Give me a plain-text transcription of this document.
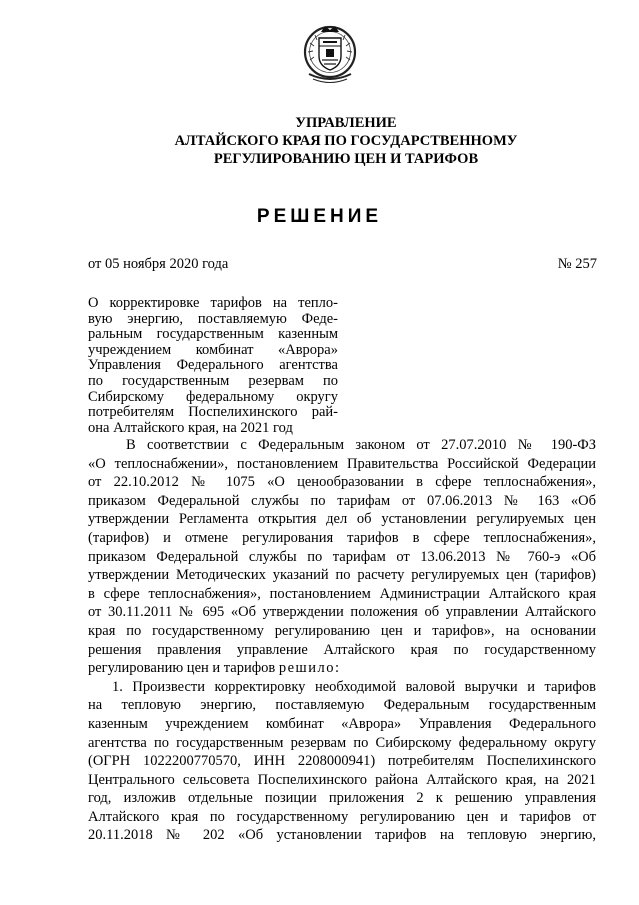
УПРАВЛЕНИЕ
АЛТАЙСКОГО КРАЯ ПО ГОСУДАРСТВЕННОМУ
РЕГУЛИРОВАНИЮ ЦЕН И ТАРИФОВ
РЕШЕНИЕ
от 05 ноября 2020 года	№ 257
О корректировке тарифов на тепло-
вую энергию, поставляемую Феде-
ральным государственным казенным
учреждением комбинат «Аврора»
Управления Федерального агентства
по государственным резервам по
Сибирскому федеральному округу
потребителям Поспелихинского рай-
она Алтайского края, на 2021 год
В соответствии с Федеральным законом от 27.07.2010 № 190-ФЗ
«О теплоснабжении», постановлением Правительства Российской Федерации
от 22.10.2012 № 1075 «О ценообразовании в сфере теплоснабжения»,
приказом Федеральной службы по тарифам от 07.06.2013 № 163 «Об
утверждении Регламента открытия дел об установлении регулируемых цен
(тарифов) и отмене регулирования тарифов в сфере теплоснабжения»,
приказом Федеральной службы по тарифам от 13.06.2013 № 760-э «Об
утверждении Методических указаний по расчету регулируемых цен (тарифов)
в сфере теплоснабжения», постановлением Администрации Алтайского края
от 30.11.2011 № 695 «Об утверждении положения об управлении Алтайского
края по государственному регулированию цен и тарифов», на основании
решения правления управление Алтайского края по государственному
регулированию цен и тарифов решило:
1. Произвести корректировку необходимой валовой выручки и тарифов
на тепловую энергию, поставляемую Федеральным государственным
казенным учреждением комбинат «Аврора» Управления Федерального
агентства по государственным резервам по Сибирскому федеральному округу
(ОГРН 1022200770570, ИНН 2208000941) потребителям Поспелихинского
Центрального сельсовета Поспелихинского района Алтайского края, на 2021
год, изложив отдельные позиции приложения 2 к решению управления
Алтайского края по государственному регулированию цен и тарифов от
20.11.2018 № 202 «Об установлении тарифов на тепловую энергию,
